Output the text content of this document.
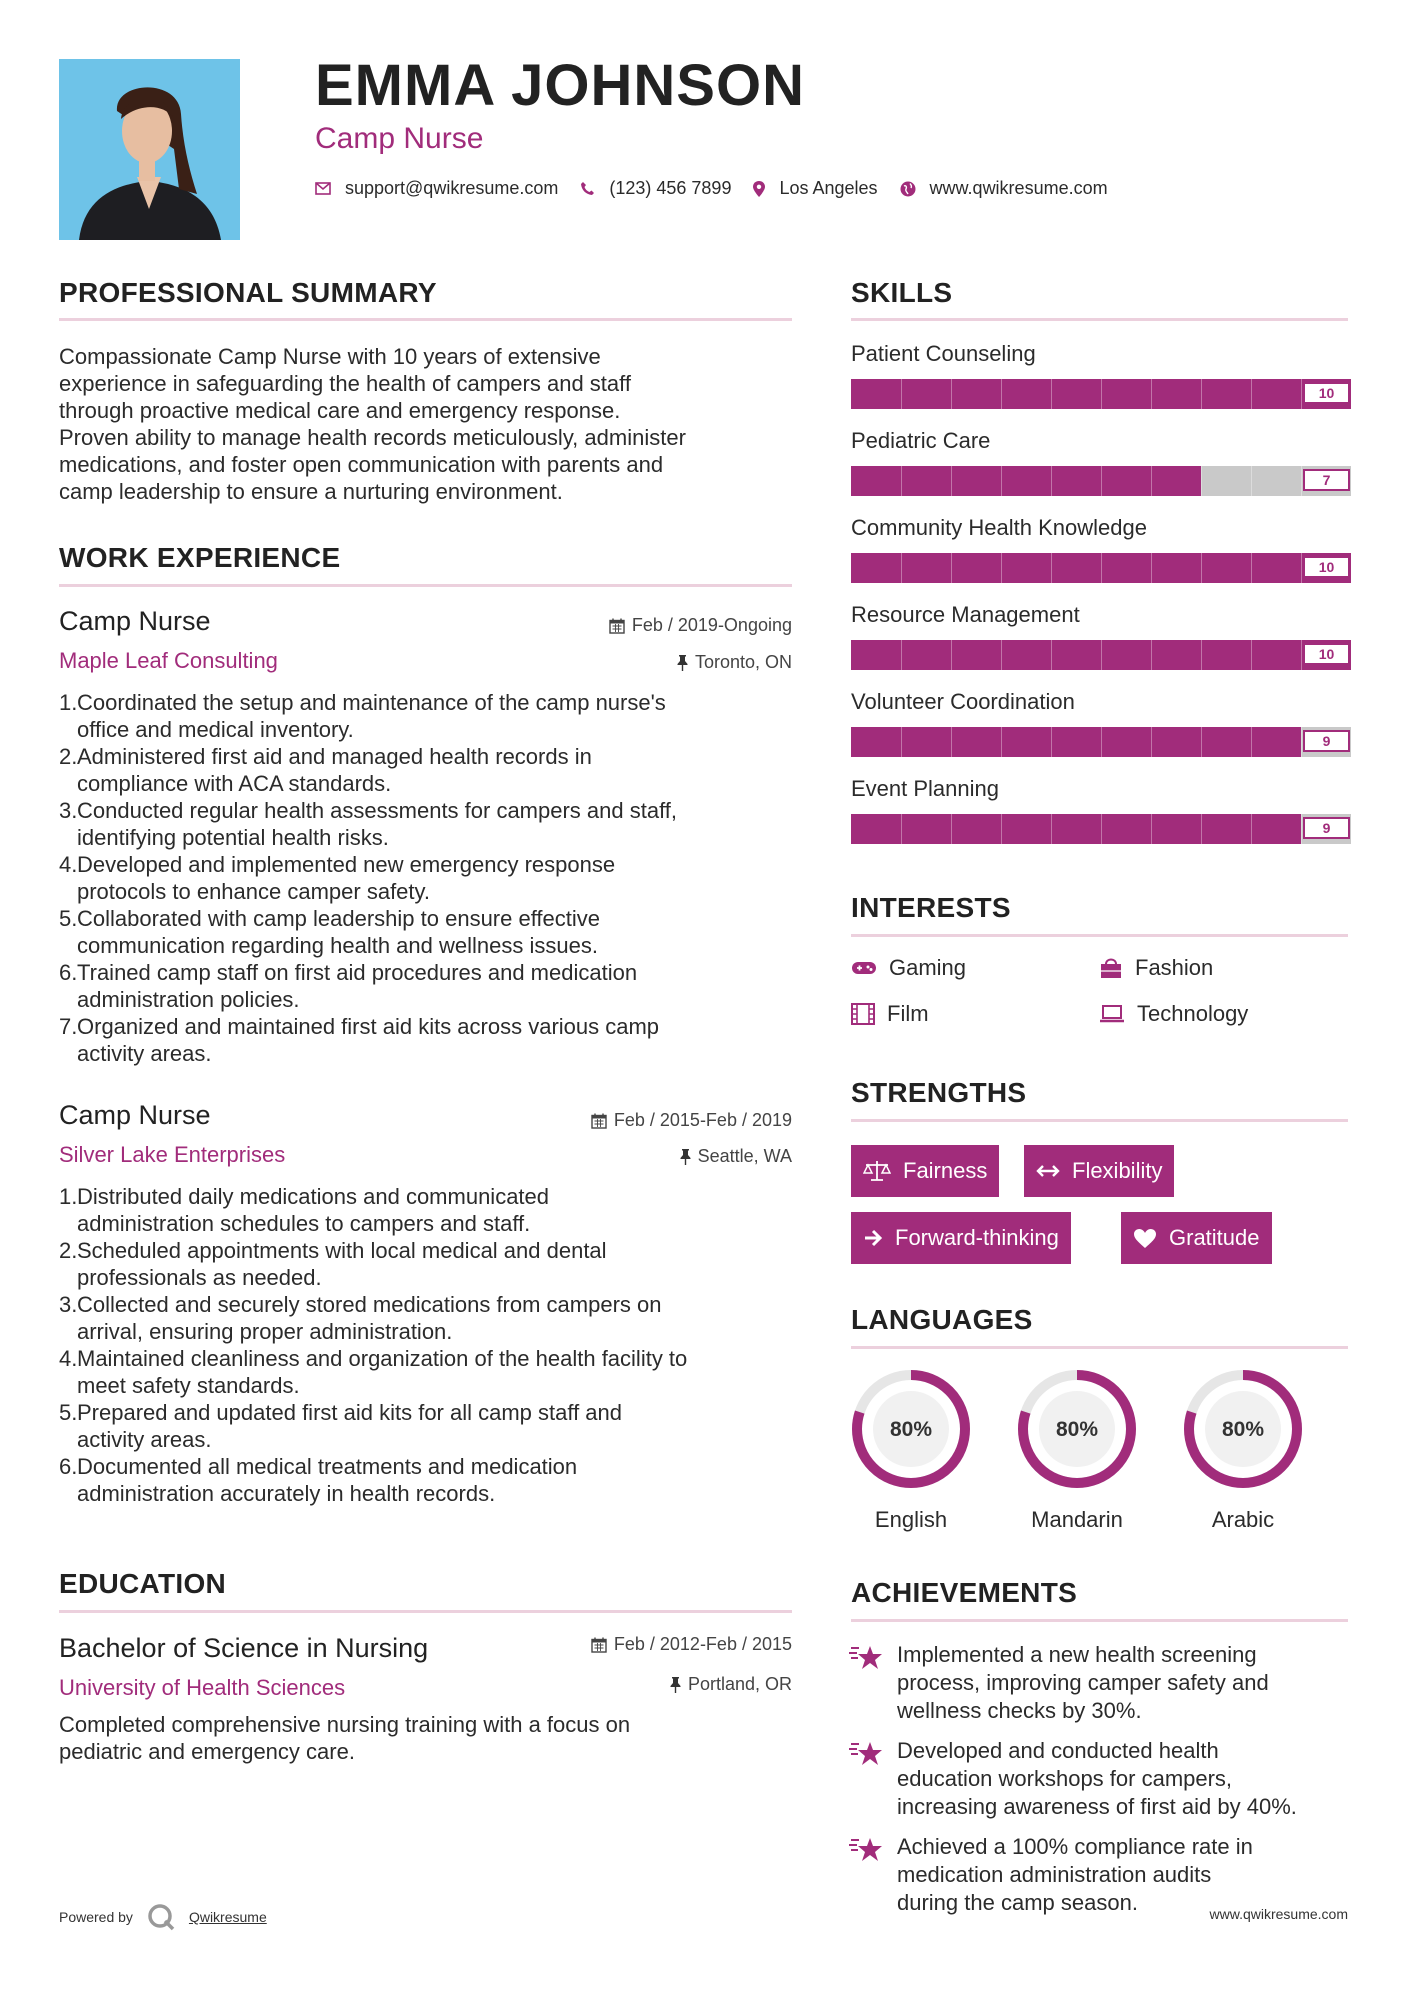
EMMA JOHNSON
Camp Nurse
support@qwikresume.com	(123) 456 7899	Los Angeles	www.qwikresume.com
PROFESSIONAL SUMMARY
Compassionate Camp Nurse with 10 years of extensive
experience in safeguarding the health of campers and staff
through proactive medical care and emergency response.
Proven ability to manage health records meticulously, administer
medications, and foster open communication with parents and
camp leadership to ensure a nurturing environment.
WORK EXPERIENCE
Camp Nurse	Feb / 2019-Ongoing
Maple Leaf Consulting	Toronto, ON
Coordinated the setup and maintenance of the camp nurse's
office and medical inventory.
Administered first aid and managed health records in
compliance with ACA standards.
Conducted regular health assessments for campers and staff,
identifying potential health risks.
Developed and implemented new emergency response
protocols to enhance camper safety.
Collaborated with camp leadership to ensure effective
communication regarding health and wellness issues.
Trained camp staff on first aid procedures and medication
administration policies.
Organized and maintained first aid kits across various camp
activity areas.
Camp Nurse	Feb / 2015-Feb / 2019
Silver Lake Enterprises	Seattle, WA
Distributed daily medications and communicated
administration schedules to campers and staff.
Scheduled appointments with local medical and dental
professionals as needed.
Collected and securely stored medications from campers on
arrival, ensuring proper administration.
Maintained cleanliness and organization of the health facility to
meet safety standards.
Prepared and updated first aid kits for all camp staff and
activity areas.
Documented all medical treatments and medication
administration accurately in health records.
EDUCATION
Bachelor of Science in Nursing	Feb / 2012-Feb / 2015
University of Health Sciences	Portland, OR
Completed comprehensive nursing training with a focus on
pediatric and emergency care.
Powered by	Qwikresume
SKILLS
Patient Counseling
10
Pediatric Care
7
Community Health Knowledge
10
Resource Management
10
Volunteer Coordination
9
Event Planning
9
INTERESTS
Gaming	Fashion
Film	Technology
STRENGTHS
Fairness	Flexibility
Forward-thinking	Gratitude
LANGUAGES
80%
English
80%
Mandarin
80%
Arabic
ACHIEVEMENTS
Implemented a new health screening
process, improving camper safety and
wellness checks by 30%.
Developed and conducted health
education workshops for campers,
increasing awareness of first aid by 40%.
Achieved a 100% compliance rate in
medication administration audits
during the camp season.	www.qwikresume.com
